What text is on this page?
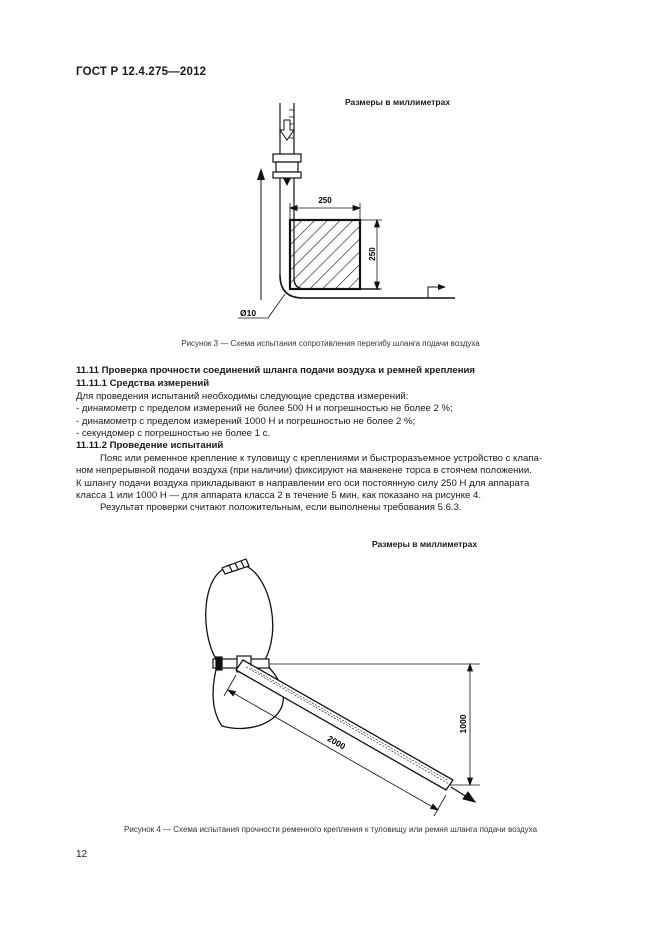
ГОСТ Р 12.4.275—2012
Размеры в миллиметрах
250
250
Ø10
2000
1000
Рисунок 3 — Схема испытания сопротивления перегибу шланга подачи воздуха

11.11 Проверка прочности соединений шланга подачи воздуха и ремней крепления

11.11.1 Средства измерений

Для проведения испытаний необходимы следующие средства измерений:

- динамометр с пределом измерений не более 500 Н и погрешностью не более 2 %;

- динамометр с пределом измерений 1000 Н и погрешностью не более 2 %;

- секундомер с погрешностью не более 1 с.

11.11.2 Проведение испытаний

Пояс или ременное крепление к туловищу с креплениями и быстроразъемное устройство с клапа-

ном непрерывной подачи воздуха (при наличии) фиксируют на манекене торса в стоячем положении.

К шлангу подачи воздуха прикладывают в направлении его оси постоянную силу 250 Н для аппарата

класса 1 или 1000 Н — для аппарата класса 2 в течение 5 мин, как показано на рисунке 4.

Результат проверки считают положительным, если выполнены требования 5.6.3.

Размеры в миллиметрах
Рисунок 4 — Схема испытания прочности ременного крепления к туловищу или ремня шланга подачи воздуха
12
